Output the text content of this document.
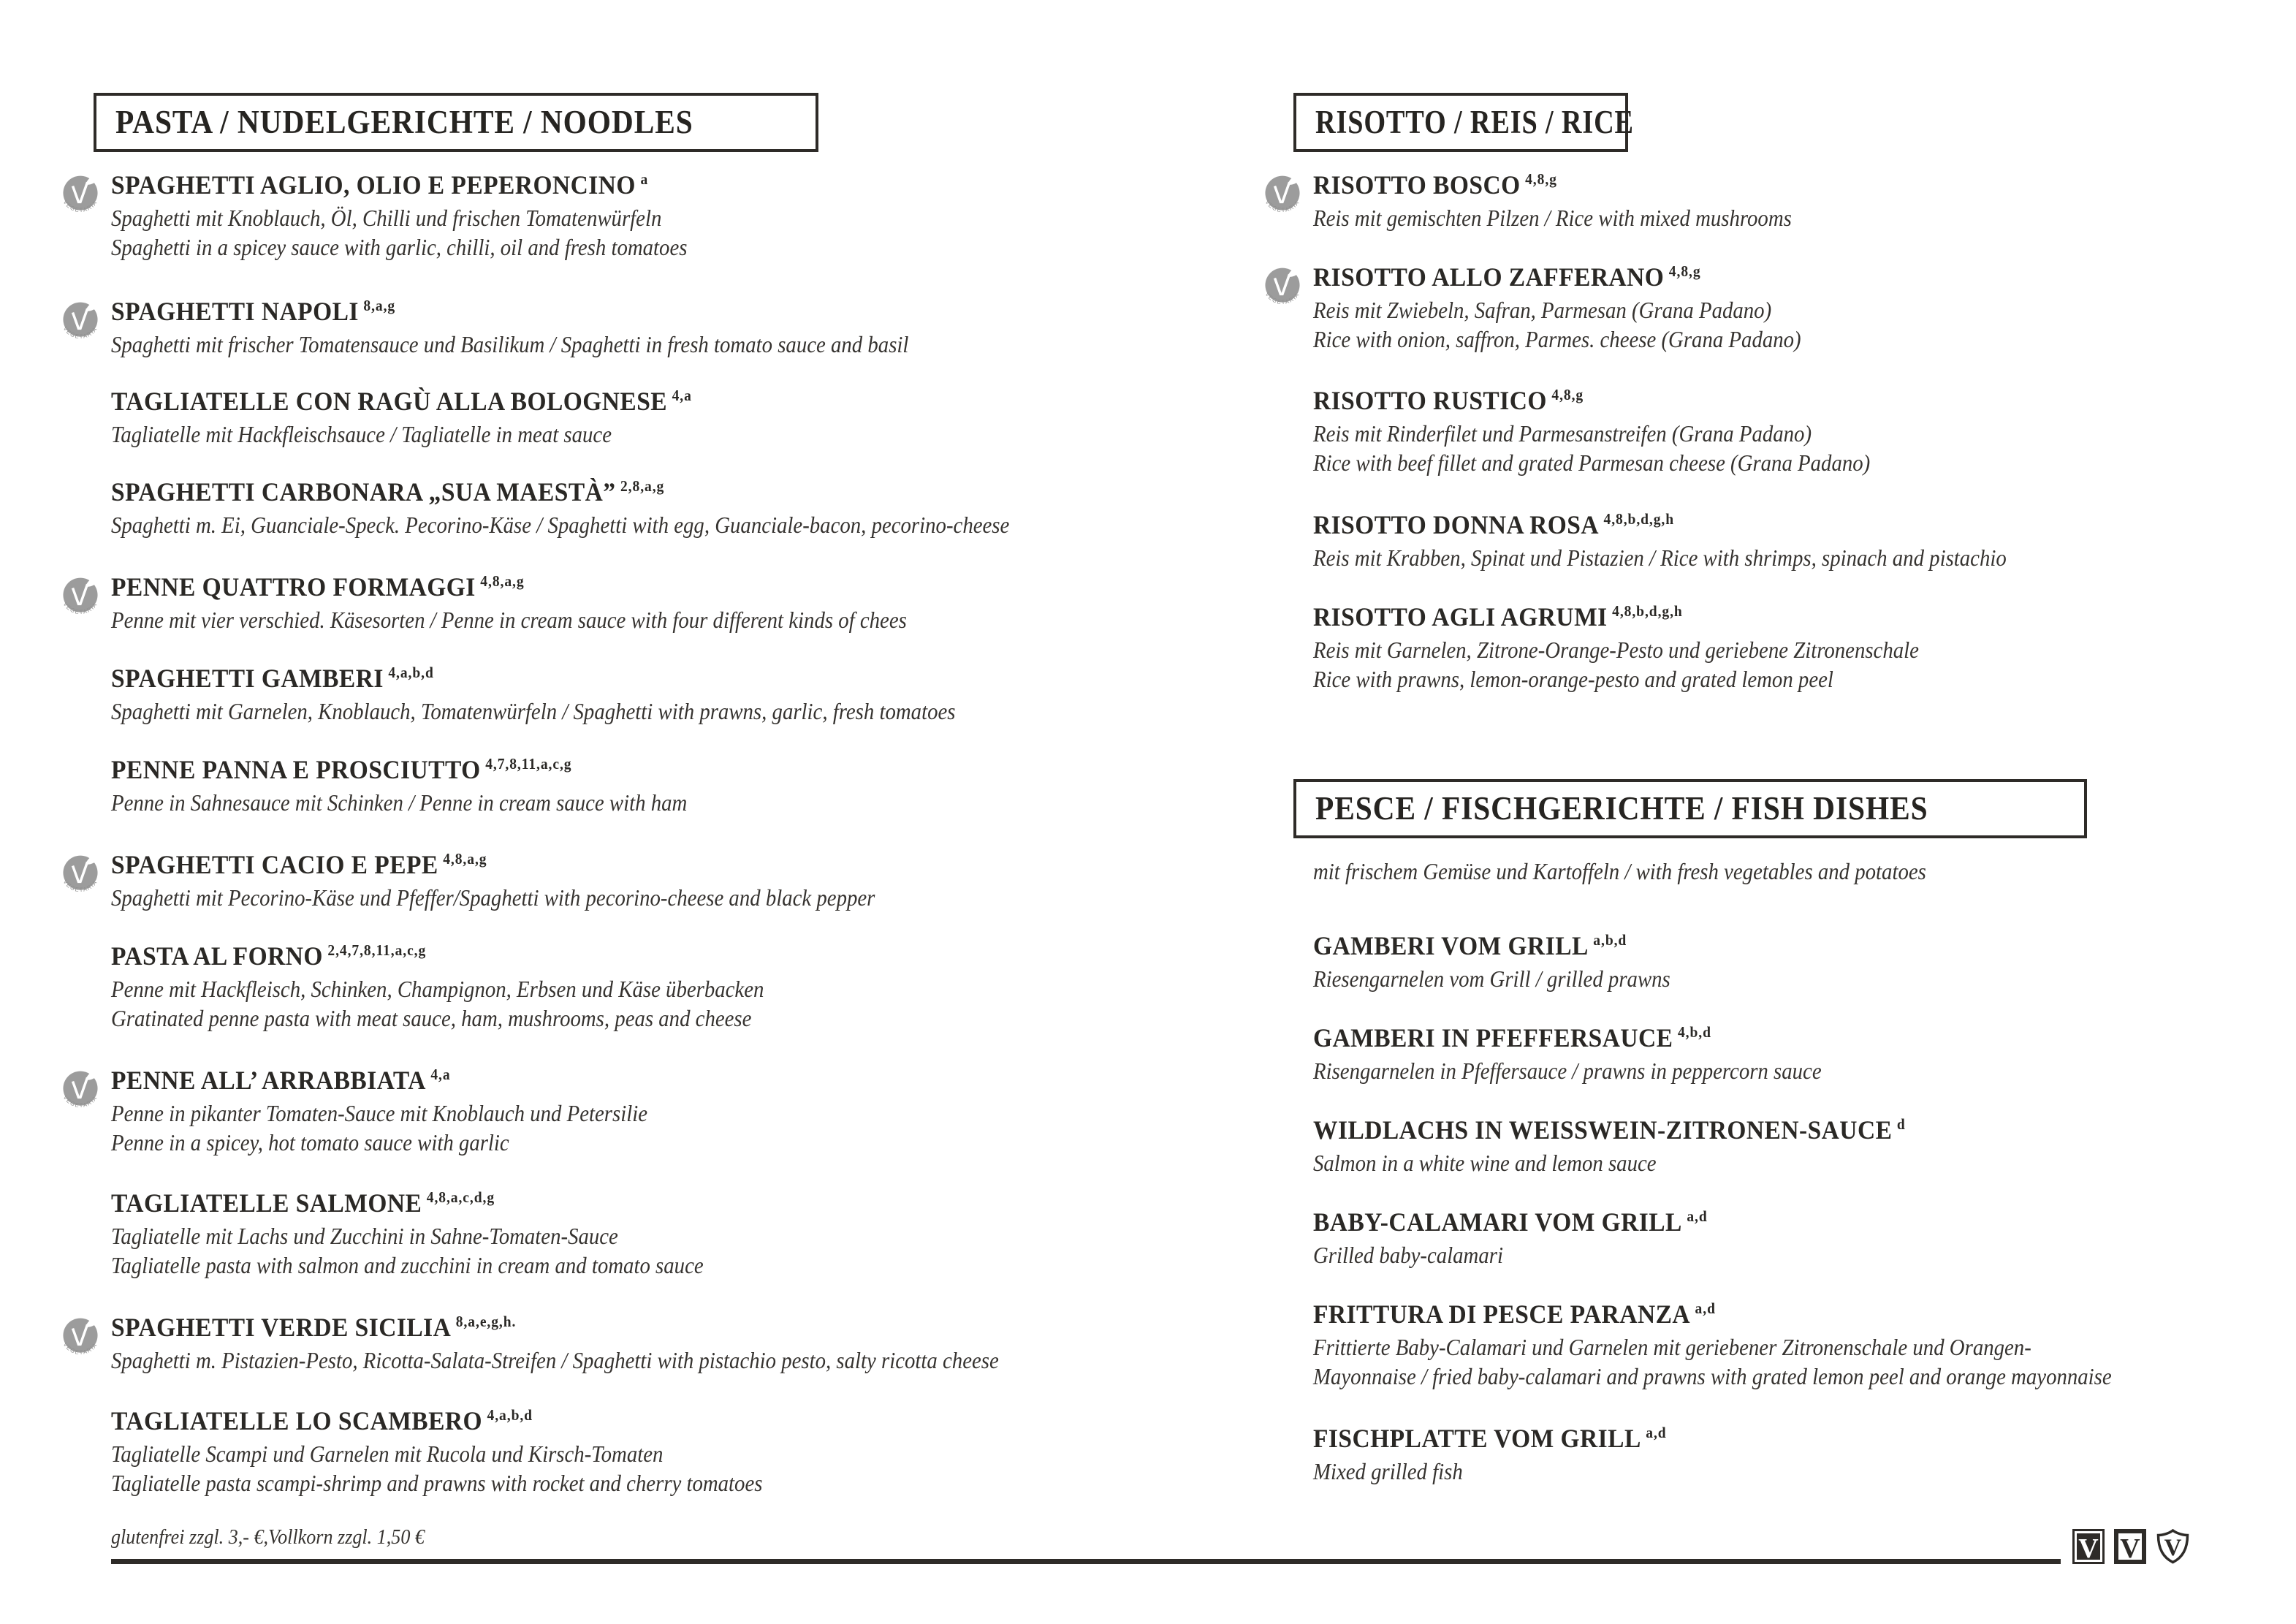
PASTA / NUDELGERICHTE / NOODLES
SPAGHETTI AGLIO, OLIO E PEPERONCINO $^a$
Spaghetti mit Knoblauch, Öl, Chilli und frischen Tomatenwürfeln
Spaghetti in a spicey sauce with garlic, chilli, oil and fresh tomatoes
SPAGHETTI NAPOLI $^{8,a,g}$
Spaghetti mit frischer Tomatensauce und Basilikum / Spaghetti in fresh tomato sauce and basil
TAGLIATELLE CON RAGÙ ALLA BOLOGNESE $^{4,a}$
Tagliatelle mit Hackfleischsauce / Tagliatelle in meat sauce
SPAGHETTI CARBONARA „SUA MAESTÀ” $^{2,8,a,g}$
Spaghetti m. Ei, Guanciale-Speck. Pecorino-Käse / Spaghetti with egg, Guanciale-bacon, pecorino-cheese
PENNE QUATTRO FORMAGGI $^{4,8,a,g}$
Penne mit vier verschied. Käsesorten / Penne in cream sauce with four different kinds of chees
SPAGHETTI GAMBERI $^{4,a,b,d}$
Spaghetti mit Garnelen, Knoblauch, Tomatenwürfeln / Spaghetti with prawns, garlic, fresh tomatoes
PENNE PANNA E PROSCIUTTO $^{4,7,8,11,a,c,g}$
Penne in Sahnesauce mit Schinken / Penne in cream sauce with ham
SPAGHETTI CACIO E PEPE $^{4,8,a,g}$
Spaghetti mit Pecorino-Käse und Pfeffer/Spaghetti with pecorino-cheese and black pepper
PASTA AL FORNO $^{2,4,7,8,11,a,c,g}$
Penne mit Hackfleisch, Schinken, Champignon, Erbsen und Käse überbacken
Gratinated penne pasta with meat sauce, ham, mushrooms, peas and cheese
PENNE ALL’ ARRABBIATA $^{4,a}$
Penne in pikanter Tomaten-Sauce mit Knoblauch und Petersilie
Penne in a spicey, hot tomato sauce with garlic
TAGLIATELLE SALMONE $^{4,8,a,c,d,g}$
Tagliatelle mit Lachs und Zucchini in Sahne-Tomaten-Sauce
Tagliatelle pasta with salmon and zucchini in cream and tomato sauce
SPAGHETTI VERDE SICILIA $^{8,a,e,g,h.}$
Spaghetti m. Pistazien-Pesto, Ricotta-Salata-Streifen / Spaghetti with pistachio pesto, salty ricotta cheese
TAGLIATELLE LO SCAMBERO $^{4,a,b,d}$
Tagliatelle Scampi und Garnelen mit Rucola und Kirsch-Tomaten
Tagliatelle pasta scampi-shrimp and prawns with rocket and cherry tomatoes
glutenfrei zzgl. 3,- €,Vollkorn zzgl. 1,50 €
RISOTTO / REIS / RICE
RISOTTO BOSCO $^{4,8,g}$
Reis mit gemischten Pilzen / Rice with mixed mushrooms
RISOTTO ALLO ZAFFERANO $^{4,8,g}$
Reis mit Zwiebeln, Safran, Parmesan (Grana Padano)
Rice with onion, saffron, Parmes. cheese (Grana Padano)
RISOTTO RUSTICO $^{4,8,g}$
Reis mit Rinderfilet und Parmesanstreifen (Grana Padano)
Rice with beef fillet and grated Parmesan cheese (Grana Padano)
RISOTTO DONNA ROSA $^{4,8,b,d,g,h}$
Reis mit Krabben, Spinat und Pistazien / Rice with shrimps, spinach and pistachio
RISOTTO AGLI AGRUMI $^{4,8,b,d,g,h}$
Reis mit Garnelen, Zitrone-Orange-Pesto und geriebene Zitronenschale
Rice with prawns, lemon-orange-pesto and grated lemon peel
PESCE / FISCHGERICHTE / FISH DISHES
mit frischem Gemüse und Kartoffeln / with fresh vegetables and potatoes
GAMBERI VOM GRILL $^{a,b,d}$
Riesengarnelen vom Grill / grilled prawns
GAMBERI IN PFEFFERSAUCE $^{4,b,d}$
Risengarnelen in Pfeffersauce / prawns in peppercorn sauce
WILDLACHS IN WEISSWEIN-ZITRONEN-SAUCE $^d$
Salmon in a white wine and lemon sauce
BABY-CALAMARI VOM GRILL $^{a,d}$
Grilled baby-calamari
FRITTURA DI PESCE PARANZA $^{a,d}$
Frittierte Baby-Calamari und Garnelen mit geriebener Zitronenschale und Orangen-
Mayonnaise / fried baby-calamari and prawns with grated lemon peel and orange mayonnaise
FISCHPLATTE VOM GRILL $^{a,d}$
Mixed grilled fish
V V V
